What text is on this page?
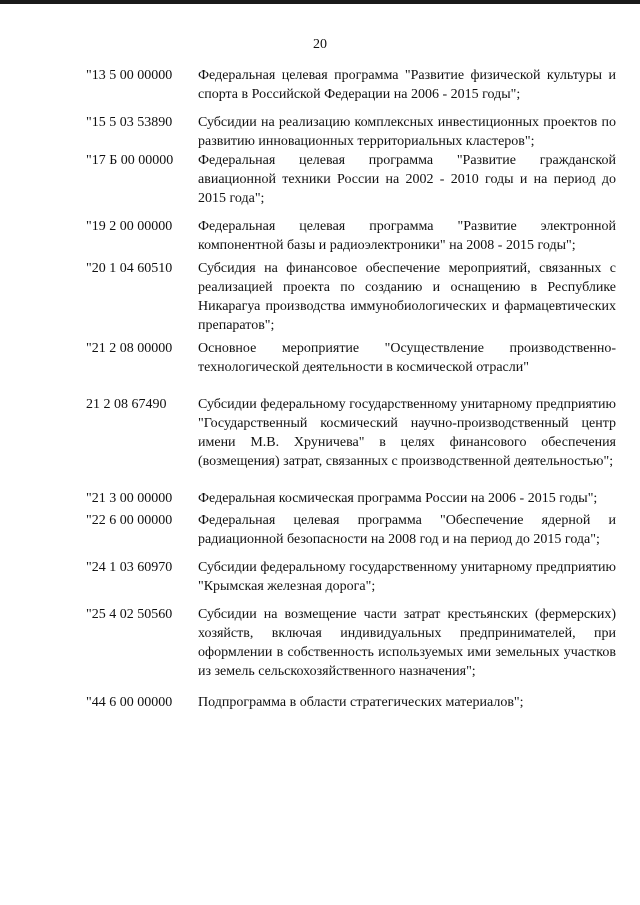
20
"13 5 00 00000	Федеральная целевая программа "Развитие физической культуры и спорта в Российской Федерации на 2006 - 2015 годы";
"15 5 03 53890	Субсидии на реализацию комплексных инвестиционных проектов по развитию инновационных территориальных кластеров";
"17 Б 00 00000	Федеральная целевая программа "Развитие гражданской авиационной техники России на 2002 - 2010 годы и на период до 2015 года";
"19 2 00 00000	Федеральная целевая программа "Развитие электронной компонентной базы и радиоэлектроники" на 2008 - 2015 годы";
"20 1 04 60510	Субсидия на финансовое обеспечение мероприятий, связанных с реализацией проекта по созданию и оснащению в Республике Никарагуа производства иммунобиологических и фармацевтических препаратов";
"21 2 08 00000	Основное мероприятие "Осуществление производственно-технологической деятельности в космической отрасли"
21 2 08 67490	Субсидии федеральному государственному унитарному предприятию "Государственный космический научно-производственный центр имени М.В. Хруничева" в целях финансового обеспечения (возмещения) затрат, связанных с производственной деятельностью";
"21 3 00 00000	Федеральная космическая программа России на 2006 - 2015 годы";
"22 6 00 00000	Федеральная целевая программа "Обеспечение ядерной и радиационной безопасности на 2008 год и на период до 2015 года";
"24 1 03 60970	Субсидии федеральному государственному унитарному предприятию "Крымская железная дорога";
"25 4 02 50560	Субсидии на возмещение части затрат крестьянских (фермерских) хозяйств, включая индивидуальных предпринимателей, при оформлении в собственность используемых ими земельных участков из земель сельскохозяйственного назначения";
"44 6 00 00000	Подпрограмма в области стратегических материалов";
